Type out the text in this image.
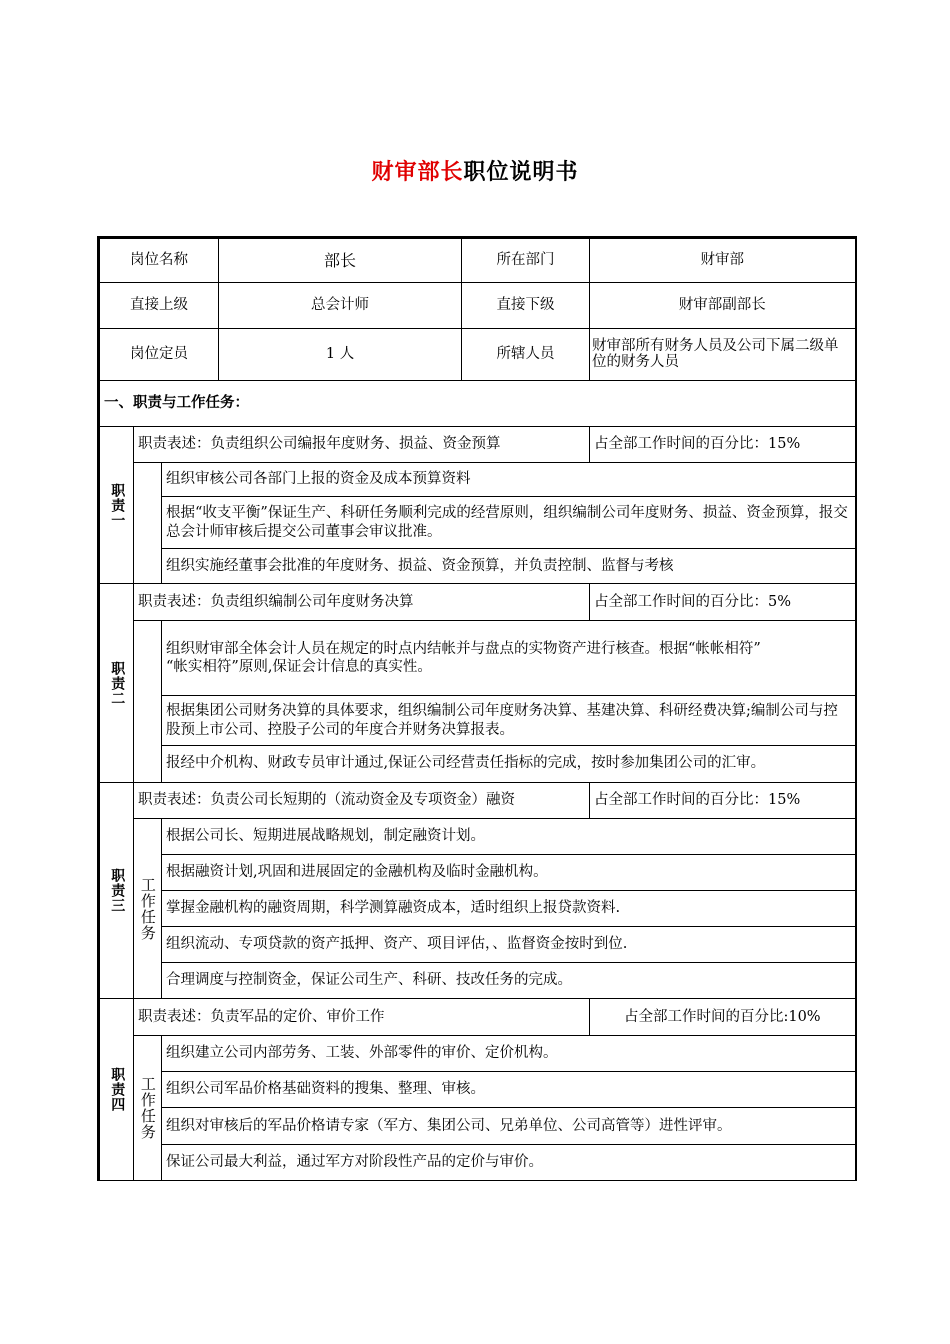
财审部长职位说明书
岗位名称			部长	所在部门	财审部
直接上级			总会计师	直接下级	财审部副部长
岗位定员			1 人	所辖人员	财审部所有财务人员及公司下属二级单位的财务人员
一、职责与工作任务：					

职责一	职责表述：负责组织公司编报年度财务、损益、资金预算				占全部工作时间的百分比：15%
		组织审核公司各部门上报的资金及成本预算资料			
		根据“收支平衡”保证生产、科研任务顺利完成的经营原则，组织编制公司年度财务、损益、资金预算，报交总会计师审核后提交公司董事会审议批准。			
		组织实施经董事会批准的年度财务、损益、资金预算，并负责控制、监督与考核			

职责二	职责表述：负责组织编制公司年度财务决算				占全部工作时间的百分比：5%
		组织财审部全体会计人员在规定的时点内结帐并与盘点的实物资产进行核查。根据“帐帐相符”
“帐实相符”原则,保证会计信息的真实性。			
		根据集团公司财务决算的具体要求，组织编制公司年度财务决算、基建决算、科研经费决算;编制公司与控股预上市公司、控股子公司的年度合并财务决算报表。			
		报经中介机构、财政专员审计通过,保证公司经营责任指标的完成，按时参加集团公司的汇审。			

职责三	职责表述：负责公司长短期的（流动资金及专项资金）融资				占全部工作时间的百分比：15%

	工作任务	根据公司长、短期进展战略规划，制定融资计划。			
		根据融资计划,巩固和进展固定的金融机构及临时金融机构。			
		掌握金融机构的融资周期，科学测算融资成本，适时组织上报贷款资料.			
		组织流动、专项贷款的资产抵押、资产、项目评估，、监督资金按时到位.			
		合理调度与控制资金，保证公司生产、科研、技改任务的完成。			

职责四	职责表述：负责军品的定价、审价工作				占全部工作时间的百分比:10%

	工作任务	组织建立公司内部劳务、工装、外部零件的审价、定价机构。			
		组织公司军品价格基础资料的搜集、整理、审核。			
		组织对审核后的军品价格请专家（军方、集团公司、兄弟单位、公司高管等）进性评审。			
		保证公司最大利益，通过军方对阶段性产品的定价与审价。			
